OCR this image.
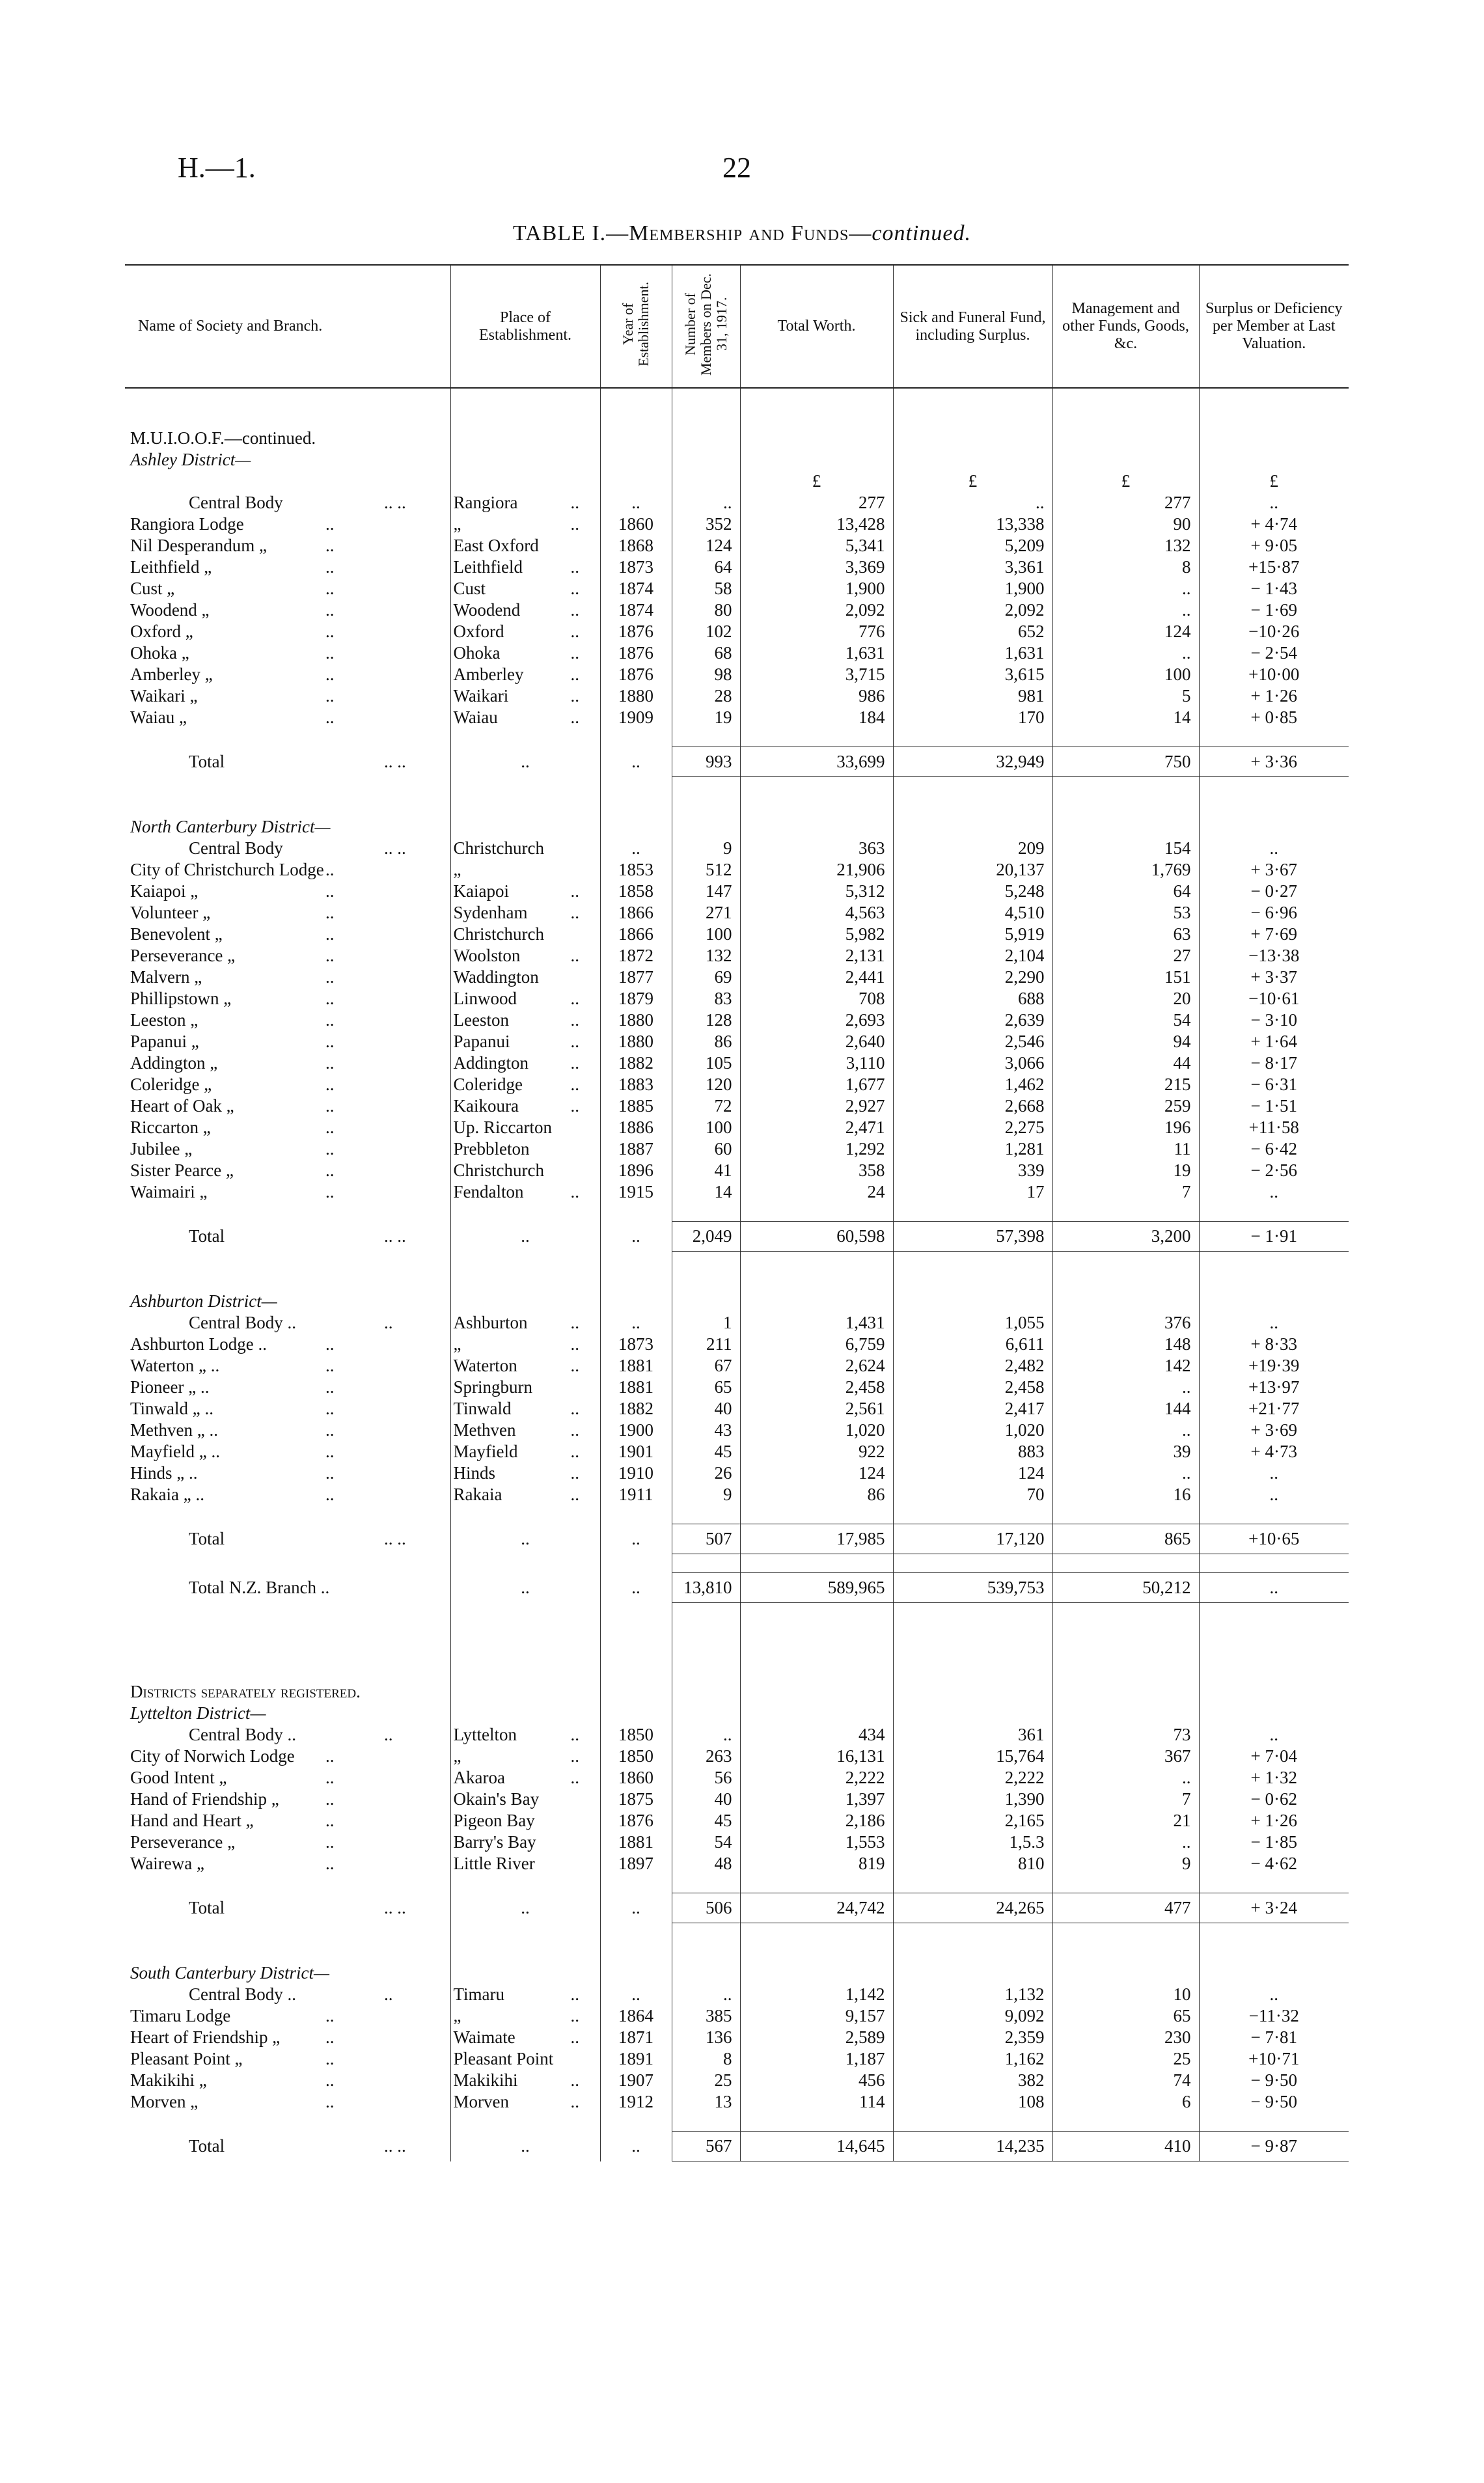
H.—1.	22
TABLE I.—Membership and Funds—continued.
Name of Society and Branch.	Place of Establishment.	Year of Establishment.	Number of Members on Dec. 31, 1917.	Total Worth.	Sick and Funeral Fund, including Surplus.	Management and other Funds, Goods, &c.	Surplus or Deficiency per Member at Last Valuation.

M.U.I.O.O.F.—continued.							
Ashley District—							
				£	£	£	£
Central Body .. ..	Rangiora ..	..	..	277	..	277	..
Rangiora Lodge ..	„ ..	1860	352	13,428	13,338	90	+ 4·74
Nil Desperandum „ ..	East Oxford	1868	124	5,341	5,209	132	+ 9·05
Leithfield „ ..	Leithfield ..	1873	64	3,369	3,361	8	+15·87
Cust „ ..	Cust ..	1874	58	1,900	1,900	..	− 1·43
Woodend „ ..	Woodend ..	1874	80	2,092	2,092	..	− 1·69
Oxford „ ..	Oxford ..	1876	102	776	652	124	−10·26
Ohoka „ ..	Ohoka ..	1876	68	1,631	1,631	..	− 2·54
Amberley „ ..	Amberley ..	1876	98	3,715	3,615	100	+10·00
Waikari „ ..	Waikari ..	1880	28	986	981	5	+ 1·26
Waiau „ ..	Waiau ..	1909	19	184	170	14	+ 0·85

Total .. ..	..	..	993	33,699	32,949	750	+ 3·36

North Canterbury District—							
Central Body .. ..	Christchurch	..	9	363	209	154	..
City of Christchurch Lodge..	„	1853	512	21,906	20,137	1,769	+ 3·67
Kaiapoi „ ..	Kaiapoi ..	1858	147	5,312	5,248	64	− 0·27
Volunteer „ ..	Sydenham ..	1866	271	4,563	4,510	53	− 6·96
Benevolent „ ..	Christchurch	1866	100	5,982	5,919	63	+ 7·69
Perseverance „ ..	Woolston ..	1872	132	2,131	2,104	27	−13·38
Malvern „ ..	Waddington	1877	69	2,441	2,290	151	+ 3·37
Phillipstown „ ..	Linwood ..	1879	83	708	688	20	−10·61
Leeston „ ..	Leeston ..	1880	128	2,693	2,639	54	− 3·10
Papanui „ ..	Papanui ..	1880	86	2,640	2,546	94	+ 1·64
Addington „ ..	Addington ..	1882	105	3,110	3,066	44	− 8·17
Coleridge „ ..	Coleridge ..	1883	120	1,677	1,462	215	− 6·31
Heart of Oak „ ..	Kaikoura ..	1885	72	2,927	2,668	259	− 1·51
Riccarton „ ..	Up. Riccarton	1886	100	2,471	2,275	196	+11·58
Jubilee „ ..	Prebbleton	1887	60	1,292	1,281	11	− 6·42
Sister Pearce „ ..	Christchurch	1896	41	358	339	19	− 2·56
Waimairi „ ..	Fendalton ..	1915	14	24	17	7	..

Total .. ..	..	..	2,049	60,598	57,398	3,200	− 1·91

Ashburton District—							
Central Body .. ..	Ashburton ..	..	1	1,431	1,055	376	..
Ashburton Lodge .. ..	„ ..	1873	211	6,759	6,611	148	+ 8·33
Waterton „ .. ..	Waterton ..	1881	67	2,624	2,482	142	+19·39
Pioneer „ .. ..	Springburn	1881	65	2,458	2,458	..	+13·97
Tinwald „ .. ..	Tinwald ..	1882	40	2,561	2,417	144	+21·77
Methven „ .. ..	Methven ..	1900	43	1,020	1,020	..	+ 3·69
Mayfield „ .. ..	Mayfield ..	1901	45	922	883	39	+ 4·73
Hinds „ .. ..	Hinds ..	1910	26	124	124	..	..
Rakaia „ .. ..	Rakaia ..	1911	9	86	70	16	..

Total .. ..	..	..	507	17,985	17,120	865	+10·65

Total N.Z. Branch ..	..	..	13,810	589,965	539,753	50,212	..

Districts separately registered.							
Lyttelton District—							
Central Body .. ..	Lyttelton ..	1850	..	434	361	73	..
City of Norwich Lodge ..	„ ..	1850	263	16,131	15,764	367	+ 7·04
Good Intent „ ..	Akaroa ..	1860	56	2,222	2,222	..	+ 1·32
Hand of Friendship „ ..	Okain's Bay	1875	40	1,397	1,390	7	− 0·62
Hand and Heart „ ..	Pigeon Bay	1876	45	2,186	2,165	21	+ 1·26
Perseverance „ ..	Barry's Bay	1881	54	1,553	1,5.3	..	− 1·85
Wairewa „ ..	Little River	1897	48	819	810	9	− 4·62

Total .. ..	..	..	506	24,742	24,265	477	+ 3·24

South Canterbury District—							
Central Body .. ..	Timaru ..	..	..	1,142	1,132	10	..
Timaru Lodge ..	„ ..	1864	385	9,157	9,092	65	−11·32
Heart of Friendship „ ..	Waimate ..	1871	136	2,589	2,359	230	− 7·81
Pleasant Point „ ..	Pleasant Point	1891	8	1,187	1,162	25	+10·71
Makikihi „ ..	Makikihi ..	1907	25	456	382	74	− 9·50
Morven „ ..	Morven ..	1912	13	114	108	6	− 9·50

Total .. ..	..	..	567	14,645	14,235	410	− 9·87
